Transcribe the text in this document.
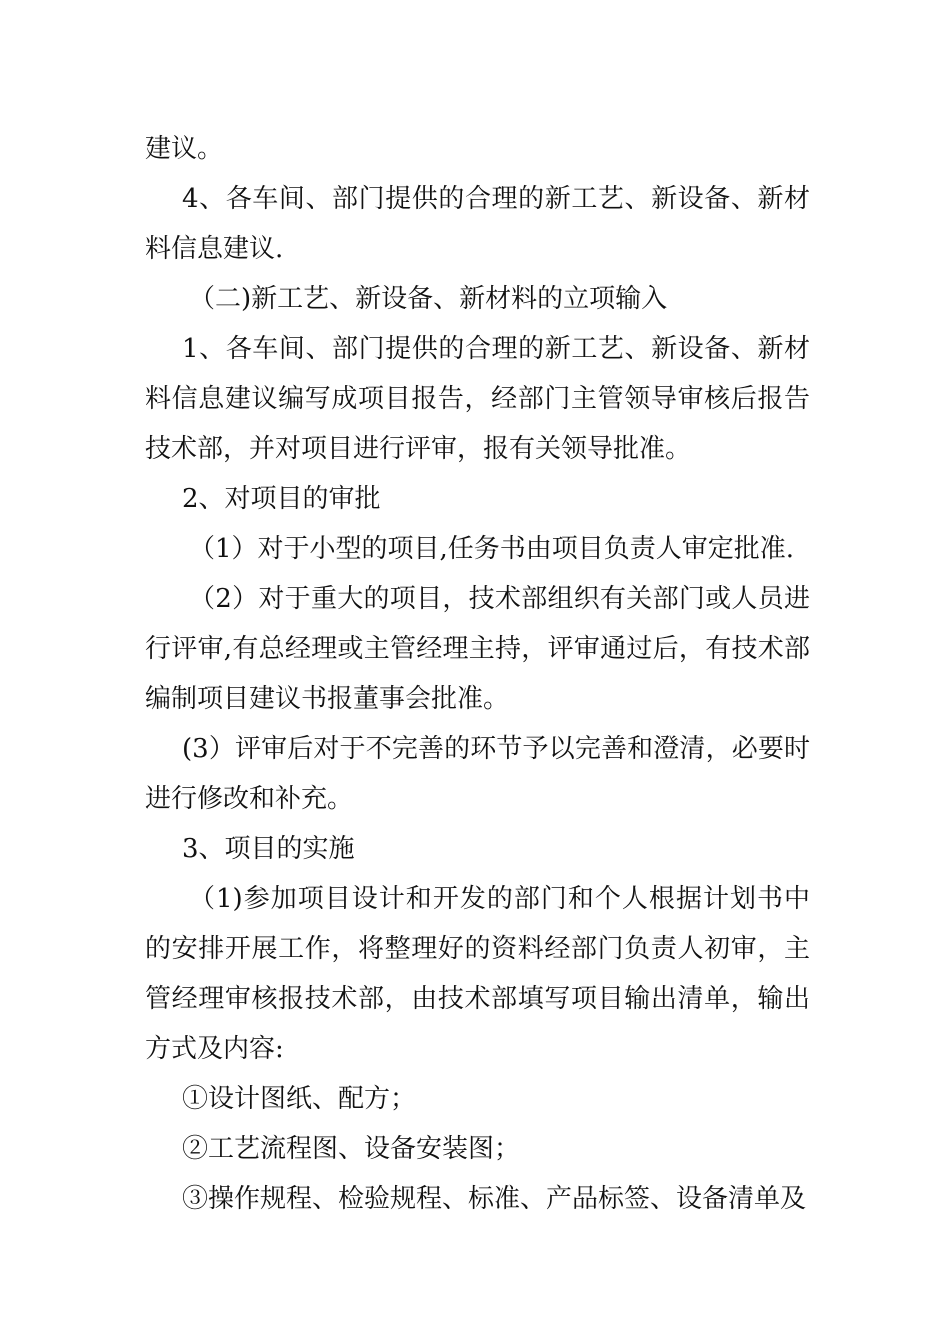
建议。

4、各车间、部门提供的合理的新工艺、新设备、新材料信息建议.

（二)新工艺、新设备、新材料的立项输入

1、各车间、部门提供的合理的新工艺、新设备、新材料信息建议编写成项目报告，经部门主管领导审核后报告技术部，并对项目进行评审，报有关领导批准。

2、对项目的审批

（1）对于小型的项目,任务书由项目负责人审定批准.

（2）对于重大的项目，技术部组织有关部门或人员进行评审,有总经理或主管经理主持，评审通过后，有技术部编制项目建议书报董事会批准。

(3）评审后对于不完善的环节予以完善和澄清，必要时进行修改和补充。

3、项目的实施

（1)参加项目设计和开发的部门和个人根据计划书中的安排开展工作，将整理好的资料经部门负责人初审，主管经理审核报技术部，由技术部填写项目输出清单，输出方式及内容:

①设计图纸、配方；

②工艺流程图、设备安装图；

③操作规程、检验规程、标准、产品标签、设备清单及
